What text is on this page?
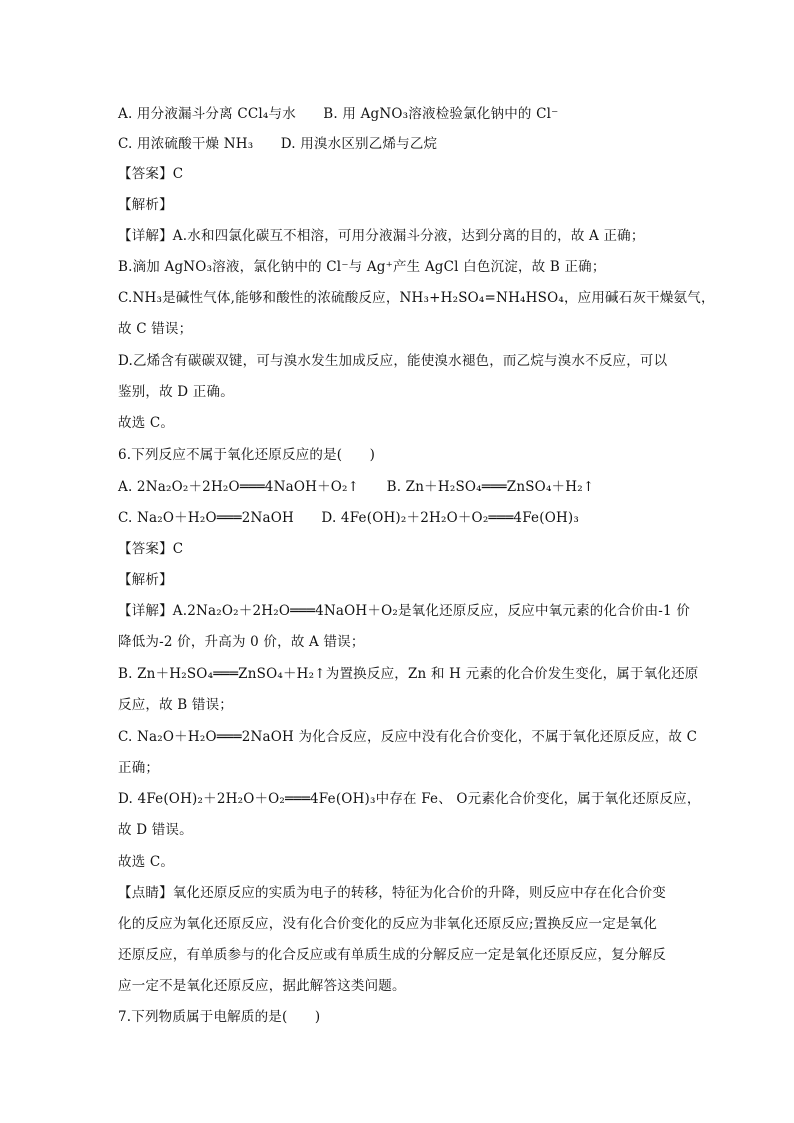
A. 用分液漏斗分离 CCl₄与水　　B. 用 AgNO₃溶液检验氯化钠中的 Cl⁻
C. 用浓硫酸干燥 NH₃　　D. 用溴水区别乙烯与乙烷
【答案】C
【解析】
【详解】A.水和四氯化碳互不相溶，可用分液漏斗分液，达到分离的目的，故 A 正确；
B.滴加 AgNO₃溶液，氯化钠中的 Cl⁻与 Ag⁺产生 AgCl 白色沉淀，故 B 正确；
C.NH₃是碱性气体,能够和酸性的浓硫酸反应，NH₃+H₂SO₄=NH₄HSO₄，应用碱石灰干燥氨气，
故 C 错误；
D.乙烯含有碳碳双键，可与溴水发生加成反应，能使溴水褪色，而乙烷与溴水不反应，可以
鉴别，故 D 正确。
故选 C。
6.下列反应不属于氧化还原反应的是(　　)
A. 2Na₂O₂＋2H₂O═══4NaOH＋O₂↑　　B. Zn＋H₂SO₄═══ZnSO₄＋H₂↑
C. Na₂O＋H₂O═══2NaOH　　D. 4Fe(OH)₂＋2H₂O＋O₂═══4Fe(OH)₃
【答案】C
【解析】
【详解】A.2Na₂O₂＋2H₂O═══4NaOH＋O₂是氧化还原反应，反应中氧元素的化合价由-1 价
降低为-2 价，升高为 0 价，故 A 错误；
B. Zn＋H₂SO₄═══ZnSO₄＋H₂↑为置换反应，Zn 和 H 元素的化合价发生变化，属于氧化还原
反应，故 B 错误；
C. Na₂O＋H₂O═══2NaOH 为化合反应，反应中没有化合价变化，不属于氧化还原反应，故 C
正确；
D. 4Fe(OH)₂＋2H₂O＋O₂═══4Fe(OH)₃中存在 Fe、 O元素化合价变化，属于氧化还原反应，
故 D 错误。
故选 C。
【点睛】氧化还原反应的实质为电子的转移，特征为化合价的升降，则反应中存在化合价变
化的反应为氧化还原反应，没有化合价变化的反应为非氧化还原反应;置换反应一定是氧化
还原反应，有单质参与的化合反应或有单质生成的分解反应一定是氧化还原反应，复分解反
应一定不是氧化还原反应，据此解答这类问题。
7.下列物质属于电解质的是(　　)
